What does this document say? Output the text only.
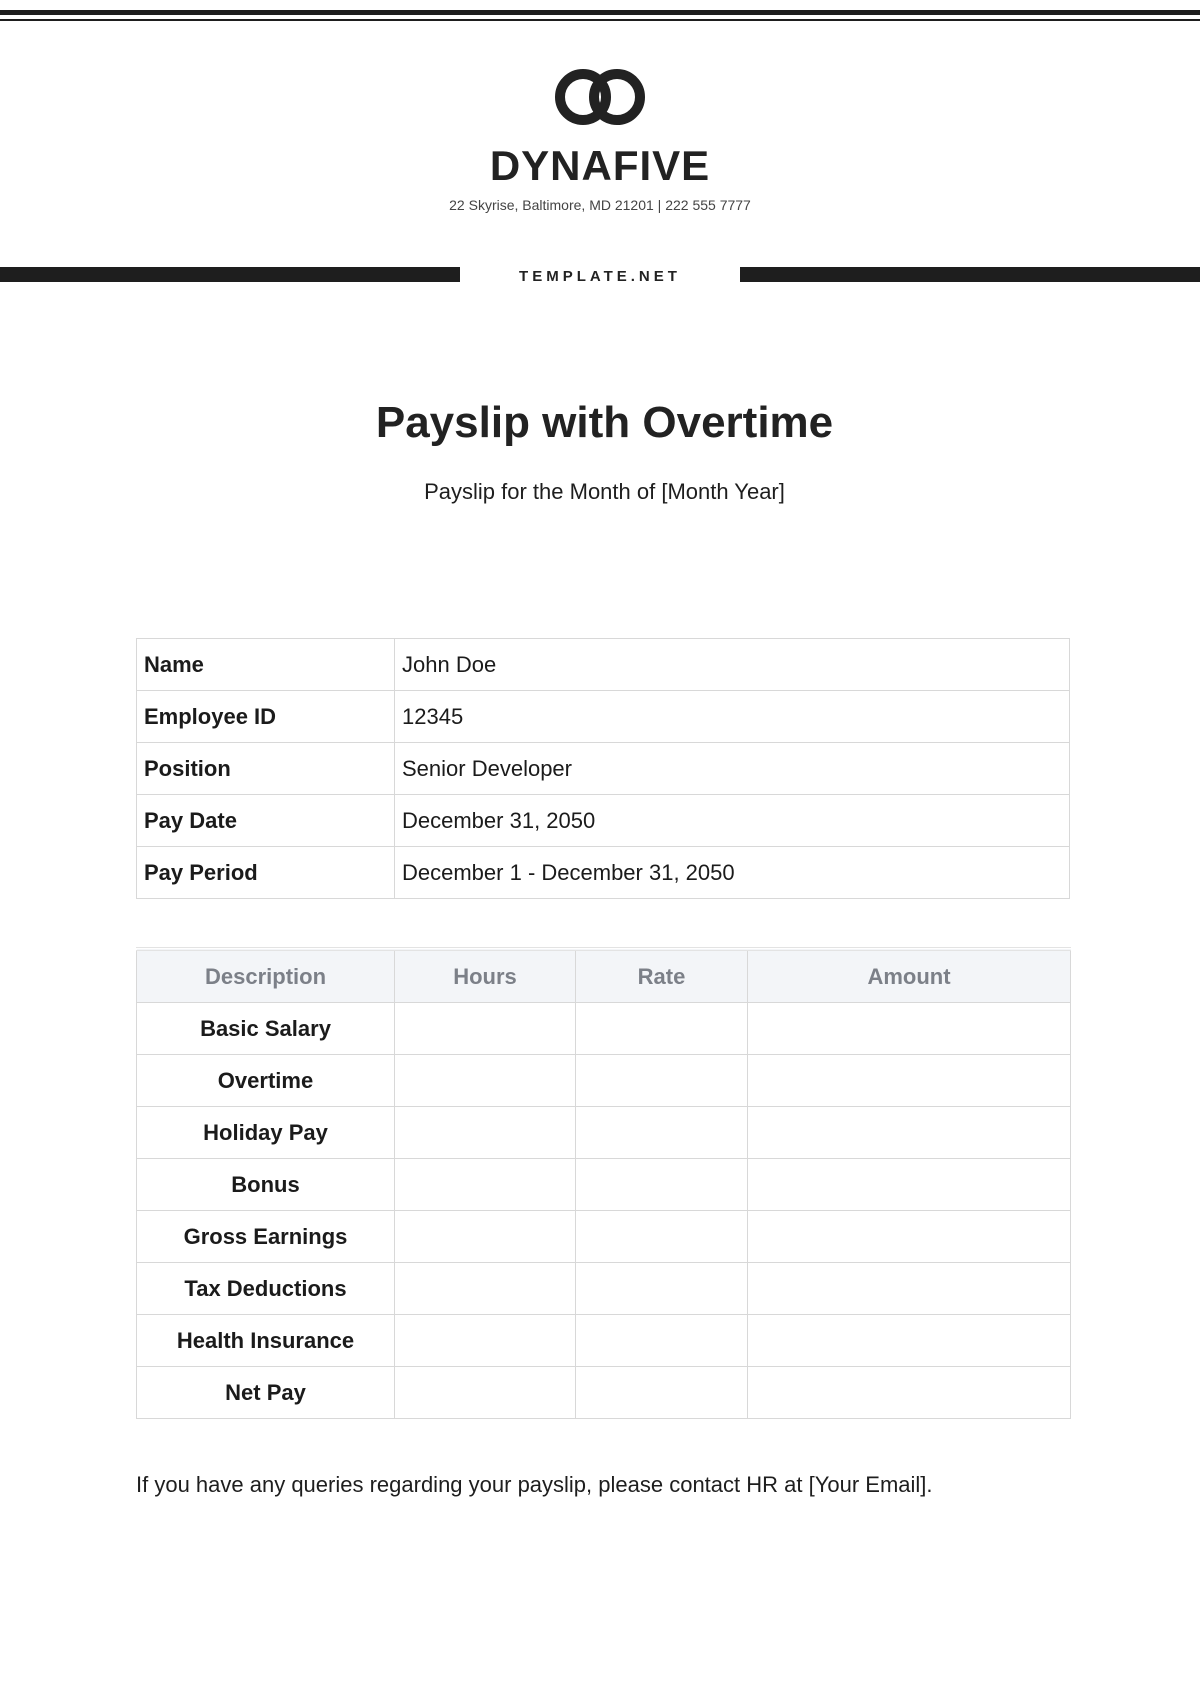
DYNAFIVE
22 Skyrise, Baltimore, MD 21201 | 222 555 7777
TEMPLATE.NET
Payslip with Overtime
Payslip for the Month of [Month Year]
Name	John Doe
Employee ID	12345
Position	Senior Developer
Pay Date	December 31, 2050
Pay Period	December 1 - December 31, 2050
Description	Hours	Rate	Amount
Basic Salary			
Overtime			
Holiday Pay			
Bonus			
Gross Earnings			
Tax Deductions			
Health Insurance			
Net Pay			
If you have any queries regarding your payslip, please contact HR at [Your Email].
